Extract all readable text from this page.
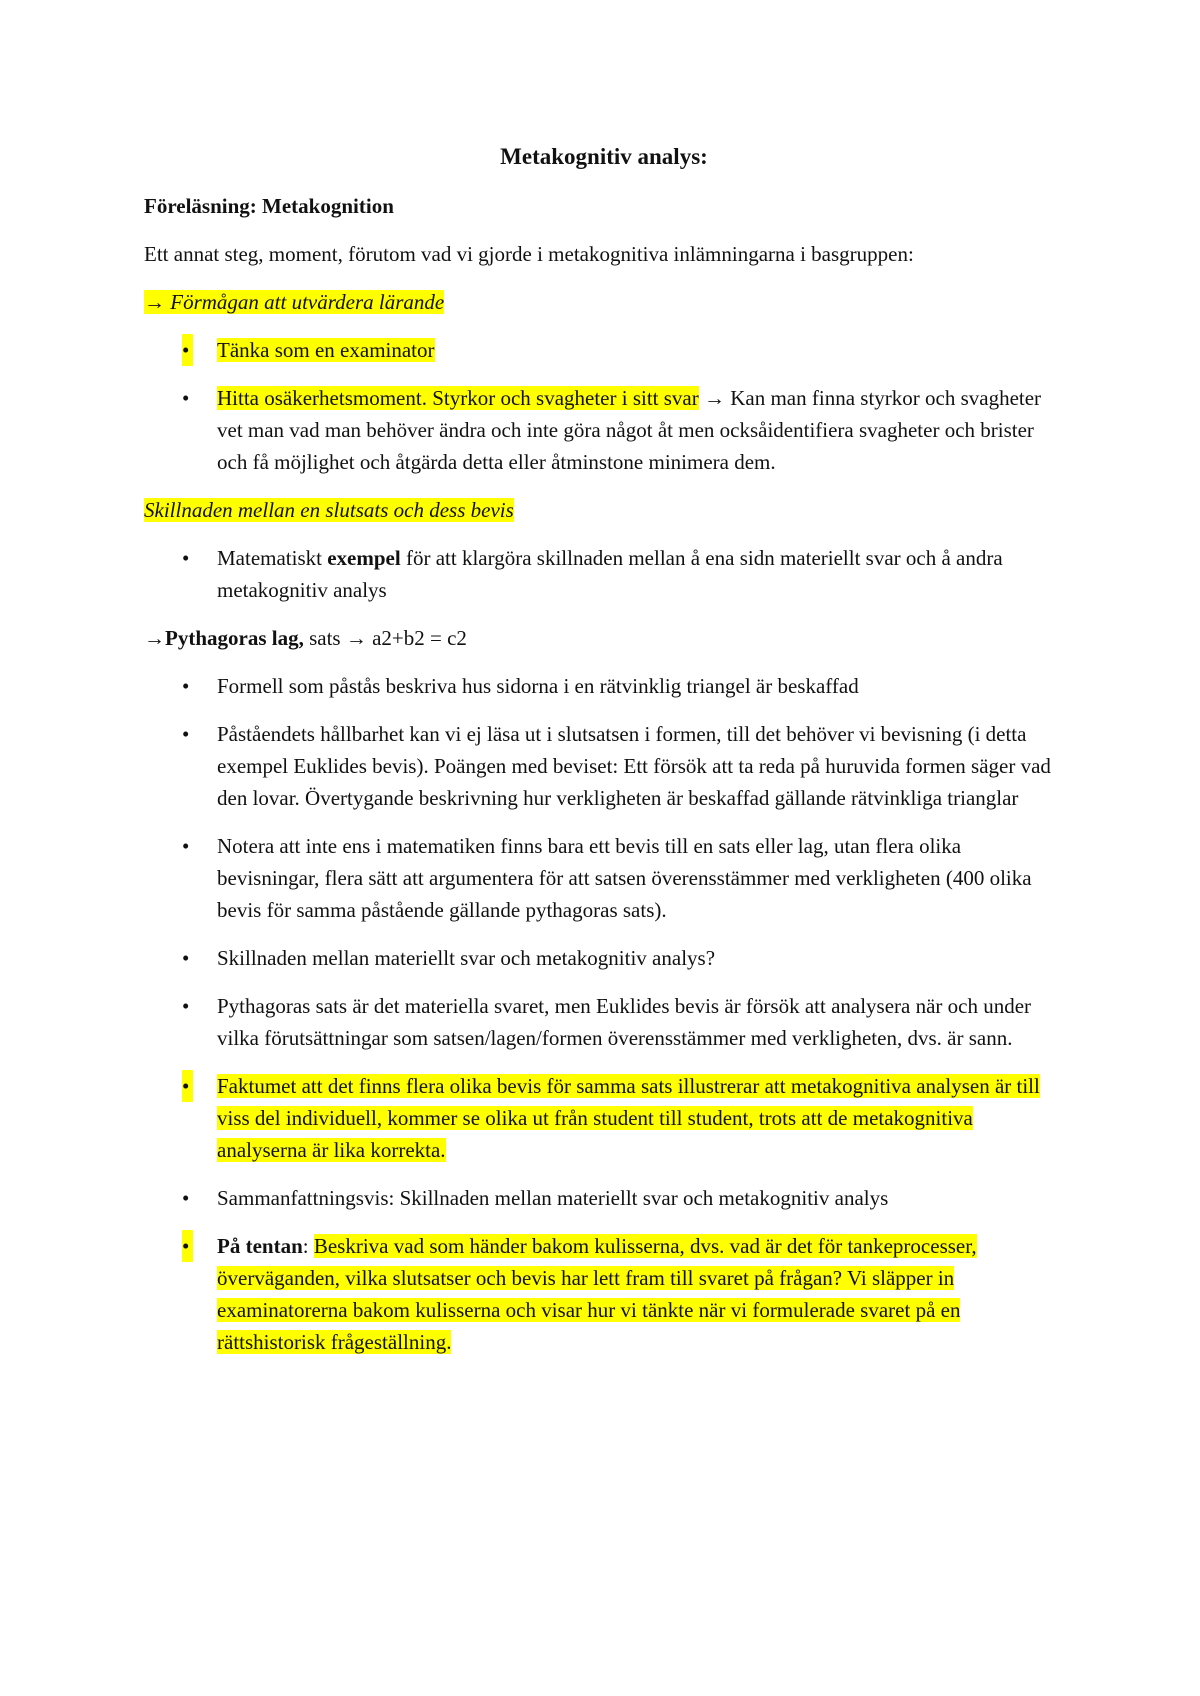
Metakognitiv analys:
Föreläsning: Metakognition
Ett annat steg, moment, förutom vad vi gjorde i metakognitiva inlämningarna i basgruppen:
→ Förmågan att utvärdera lärande
• Tänka som en examinator
• Hitta osäkerhetsmoment. Styrkor och svagheter i sitt svar → Kan man finna styrkor och svagheter vet man vad man behöver ändra och inte göra något åt men ocksåidentifiera svagheter och brister och få möjlighet och åtgärda detta eller åtminstone minimera dem.
Skillnaden mellan en slutsats och dess bevis
• Matematiskt exempel för att klargöra skillnaden mellan å ena sidn materiellt svar och å andra metakognitiv analys
→Pythagoras lag, sats → a2+b2 = c2
• Formell som påstås beskriva hus sidorna i en rätvinklig triangel är beskaffad
• Påståendets hållbarhet kan vi ej läsa ut i slutsatsen i formen, till det behöver vi bevisning (i detta exempel Euklides bevis). Poängen med beviset: Ett försök att ta reda på huruvida formen säger vad den lovar. Övertygande beskrivning hur verkligheten är beskaffad gällande rätvinkliga trianglar
• Notera att inte ens i matematiken finns bara ett bevis till en sats eller lag, utan flera olika bevisningar, flera sätt att argumentera för att satsen överensstämmer med verkligheten (400 olika bevis för samma påstående gällande pythagoras sats).
• Skillnaden mellan materiellt svar och metakognitiv analys?
• Pythagoras sats är det materiella svaret, men Euklides bevis är försök att analysera när och under vilka förutsättningar som satsen/lagen/formen överensstämmer med verkligheten, dvs. är sann.
• Faktumet att det finns flera olika bevis för samma sats illustrerar att metakognitiva analysen är till viss del individuell, kommer se olika ut från student till student, trots att de metakognitiva analyserna är lika korrekta.
• Sammanfattningsvis: Skillnaden mellan materiellt svar och metakognitiv analys
• På tentan: Beskriva vad som händer bakom kulisserna, dvs. vad är det för tankeprocesser, överväganden, vilka slutsatser och bevis har lett fram till svaret på frågan? Vi släpper in examinatorerna bakom kulisserna och visar hur vi tänkte när vi formulerade svaret på en rättshistorisk frågeställning.
